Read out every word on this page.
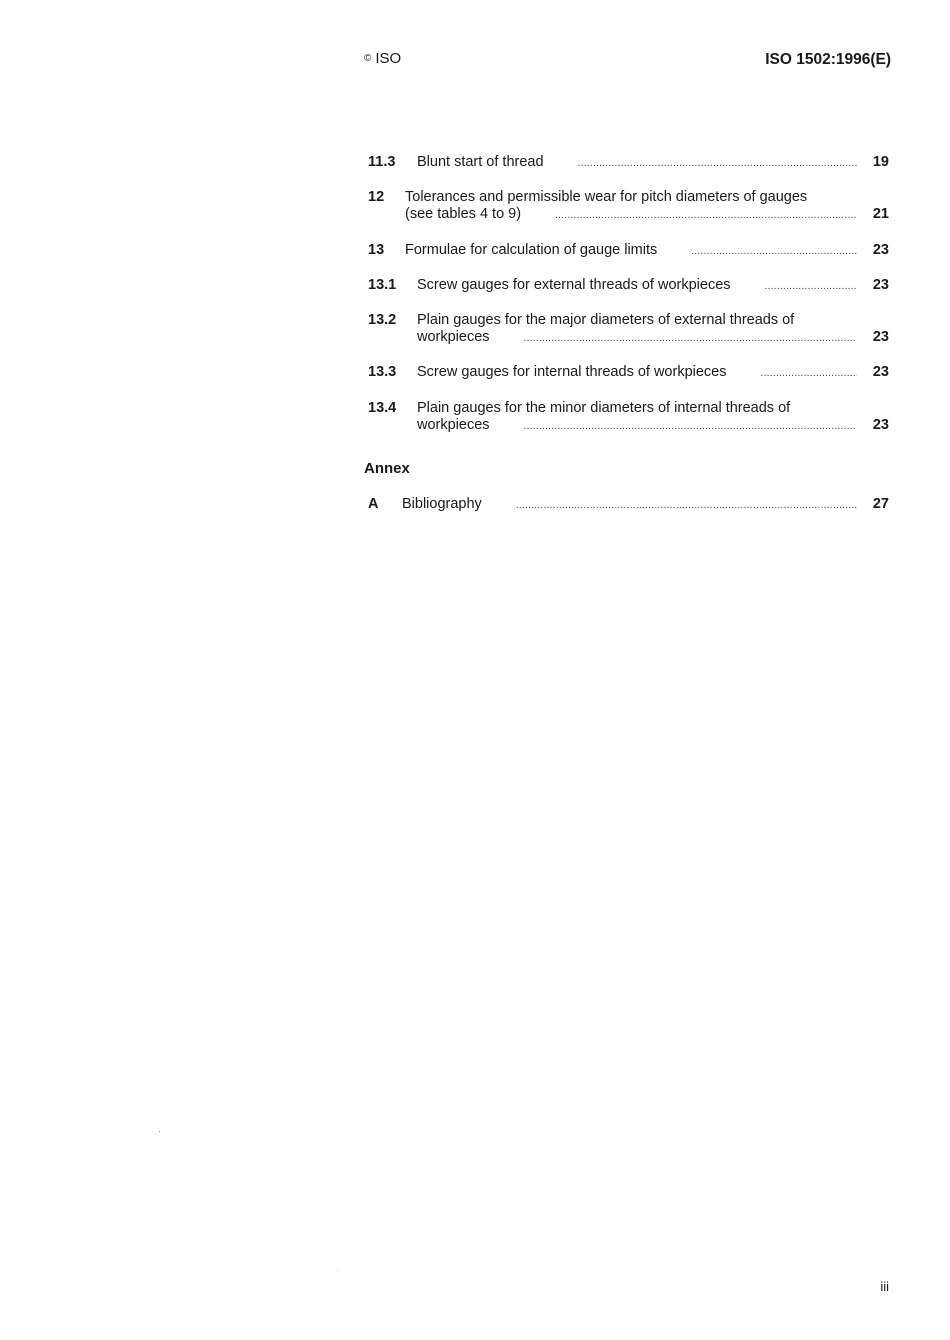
© ISO	ISO 1502:1996(E)
11.3 Blunt start of thread .....	19
12 Tolerances and permissible wear for pitch diameters of gauges
(see tables 4 to 9) .....	21
13 Formulae for calculation of gauge limits .....	23
13.1 Screw gauges for external threads of workpieces .....	23
13.2 Plain gauges for the major diameters of external threads of
workpieces .....	23
13.3 Screw gauges for internal threads of workpieces .....	23
13.4 Plain gauges for the minor diameters of internal threads of
workpieces .....	23
Annex
A Bibliography .....	27
iii
